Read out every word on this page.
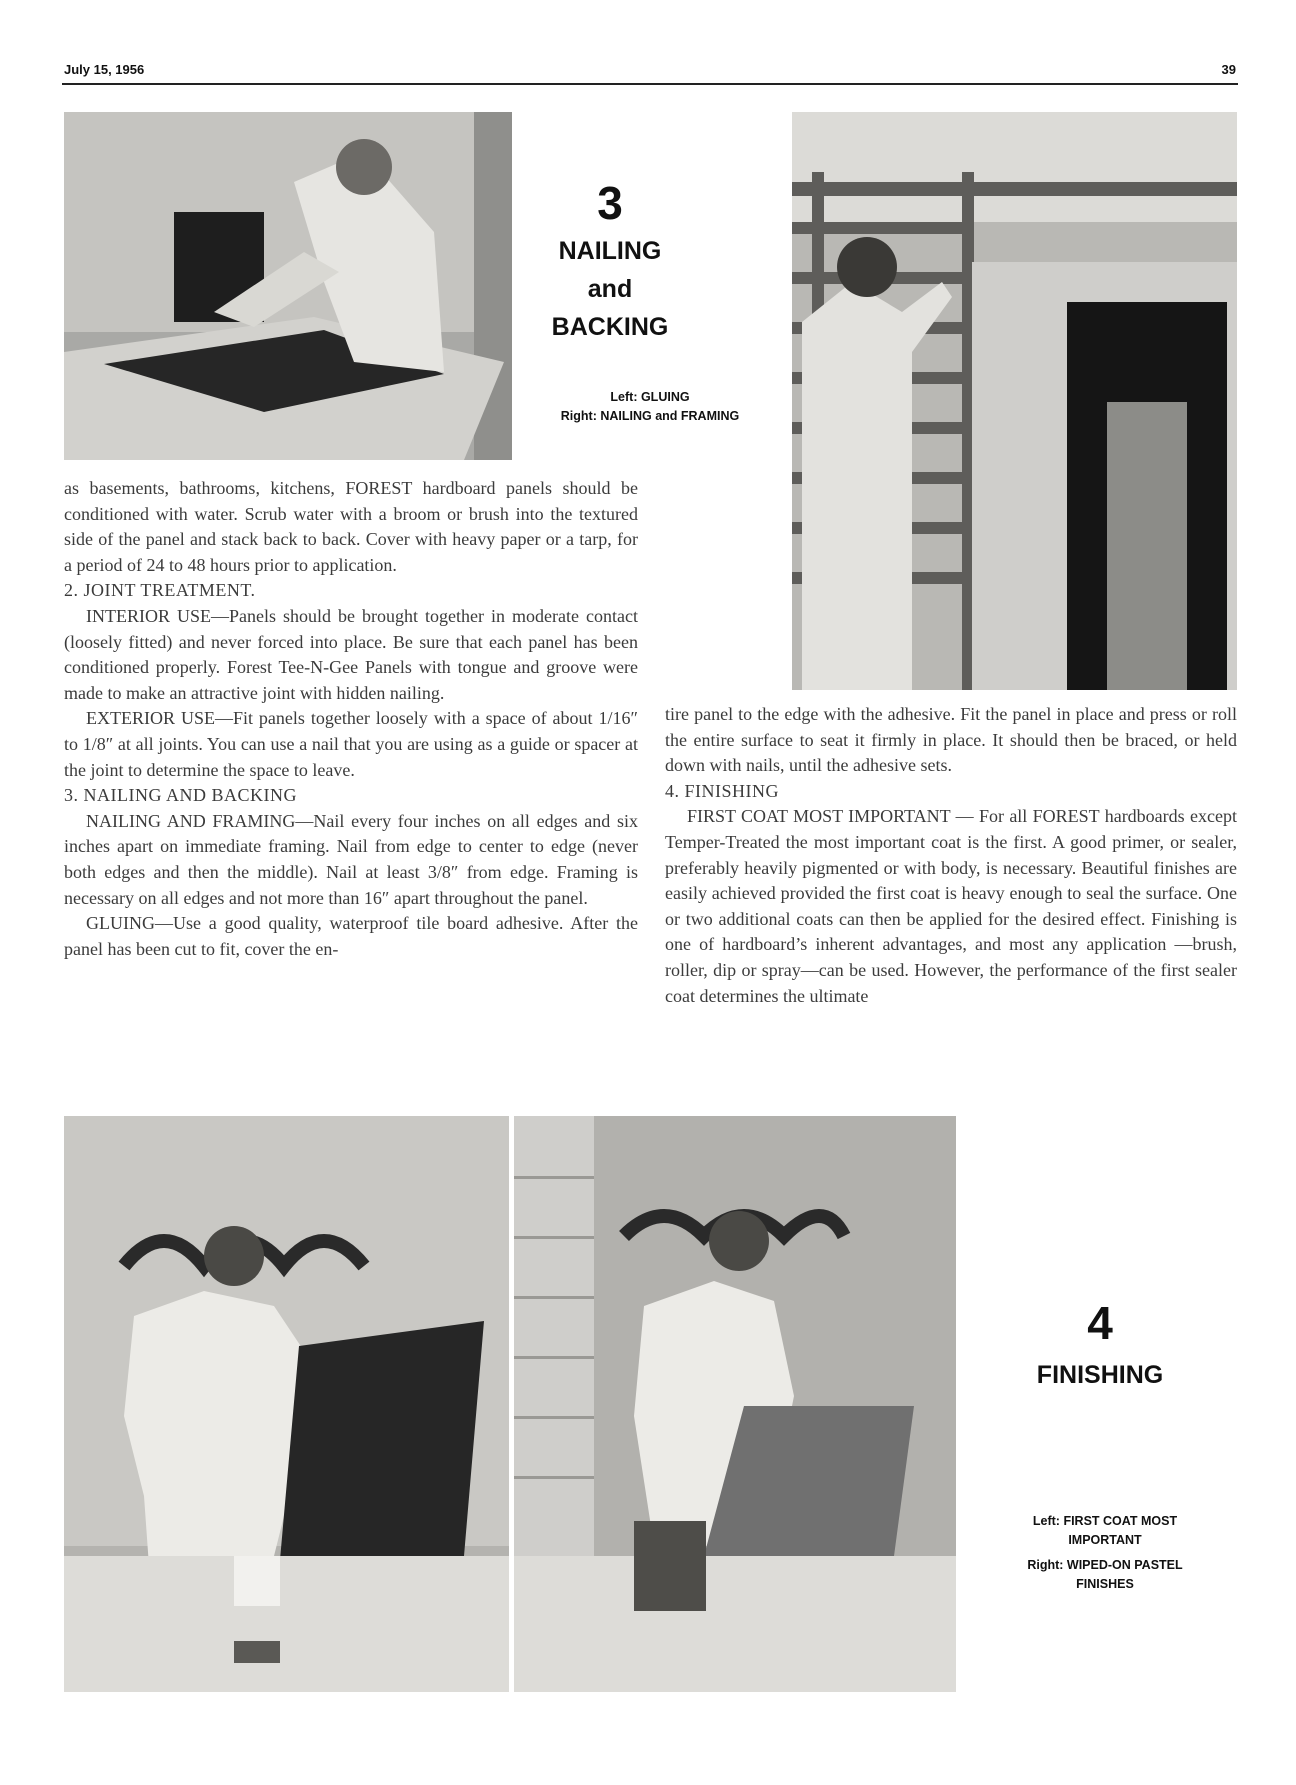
July 15, 1956	39
3
NAILING
and
BACKING
Left: GLUING
Right: NAILING and FRAMING

as basements, bathrooms, kitchens, FOREST hardboard panels should be conditioned with water. Scrub water with a broom or brush into the textured side of the panel and stack back to back. Cover with heavy paper or a tarp, for a period of 24 to 48 hours prior to application.

2. JOINT TREATMENT.

INTERIOR USE—Panels should be brought together in moderate contact (loosely fitted) and never forced into place. Be sure that each panel has been conditioned properly. Forest Tee-N-Gee Panels with tongue and groove were made to make an attractive joint with hidden nailing.

EXTERIOR USE—Fit panels together loosely with a space of about 1/16″ to 1/8″ at all joints. You can use a nail that you are using as a guide or spacer at the joint to determine the space to leave.

3. NAILING AND BACKING

NAILING AND FRAMING—Nail every four inches on all edges and six inches apart on immediate framing. Nail from edge to center to edge (never both edges and then the middle). Nail at least 3/8″ from edge. Framing is necessary on all edges and not more than 16″ apart throughout the panel.

GLUING—Use a good quality, waterproof tile board adhesive. After the panel has been cut to fit, cover the en-

tire panel to the edge with the adhesive. Fit the panel in place and press or roll the entire surface to seat it firmly in place. It should then be braced, or held down with nails, until the adhesive sets.

4. FINISHING

FIRST COAT MOST IMPORTANT — For all FOREST hardboards except Temper-Treated the most important coat is the first. A good primer, or sealer, preferably heavily pigmented or with body, is necessary. Beautiful finishes are easily achieved provided the first coat is heavy enough to seal the surface. One or two additional coats can then be applied for the desired effect. Finishing is one of hardboard’s inherent advantages, and most any application —brush, roller, dip or spray—can be used. However, the performance of the first sealer coat determines the ultimate

4
FINISHING
Left: FIRST COAT MOST IMPORTANT
Right: WIPED-ON PASTEL FINISHES
